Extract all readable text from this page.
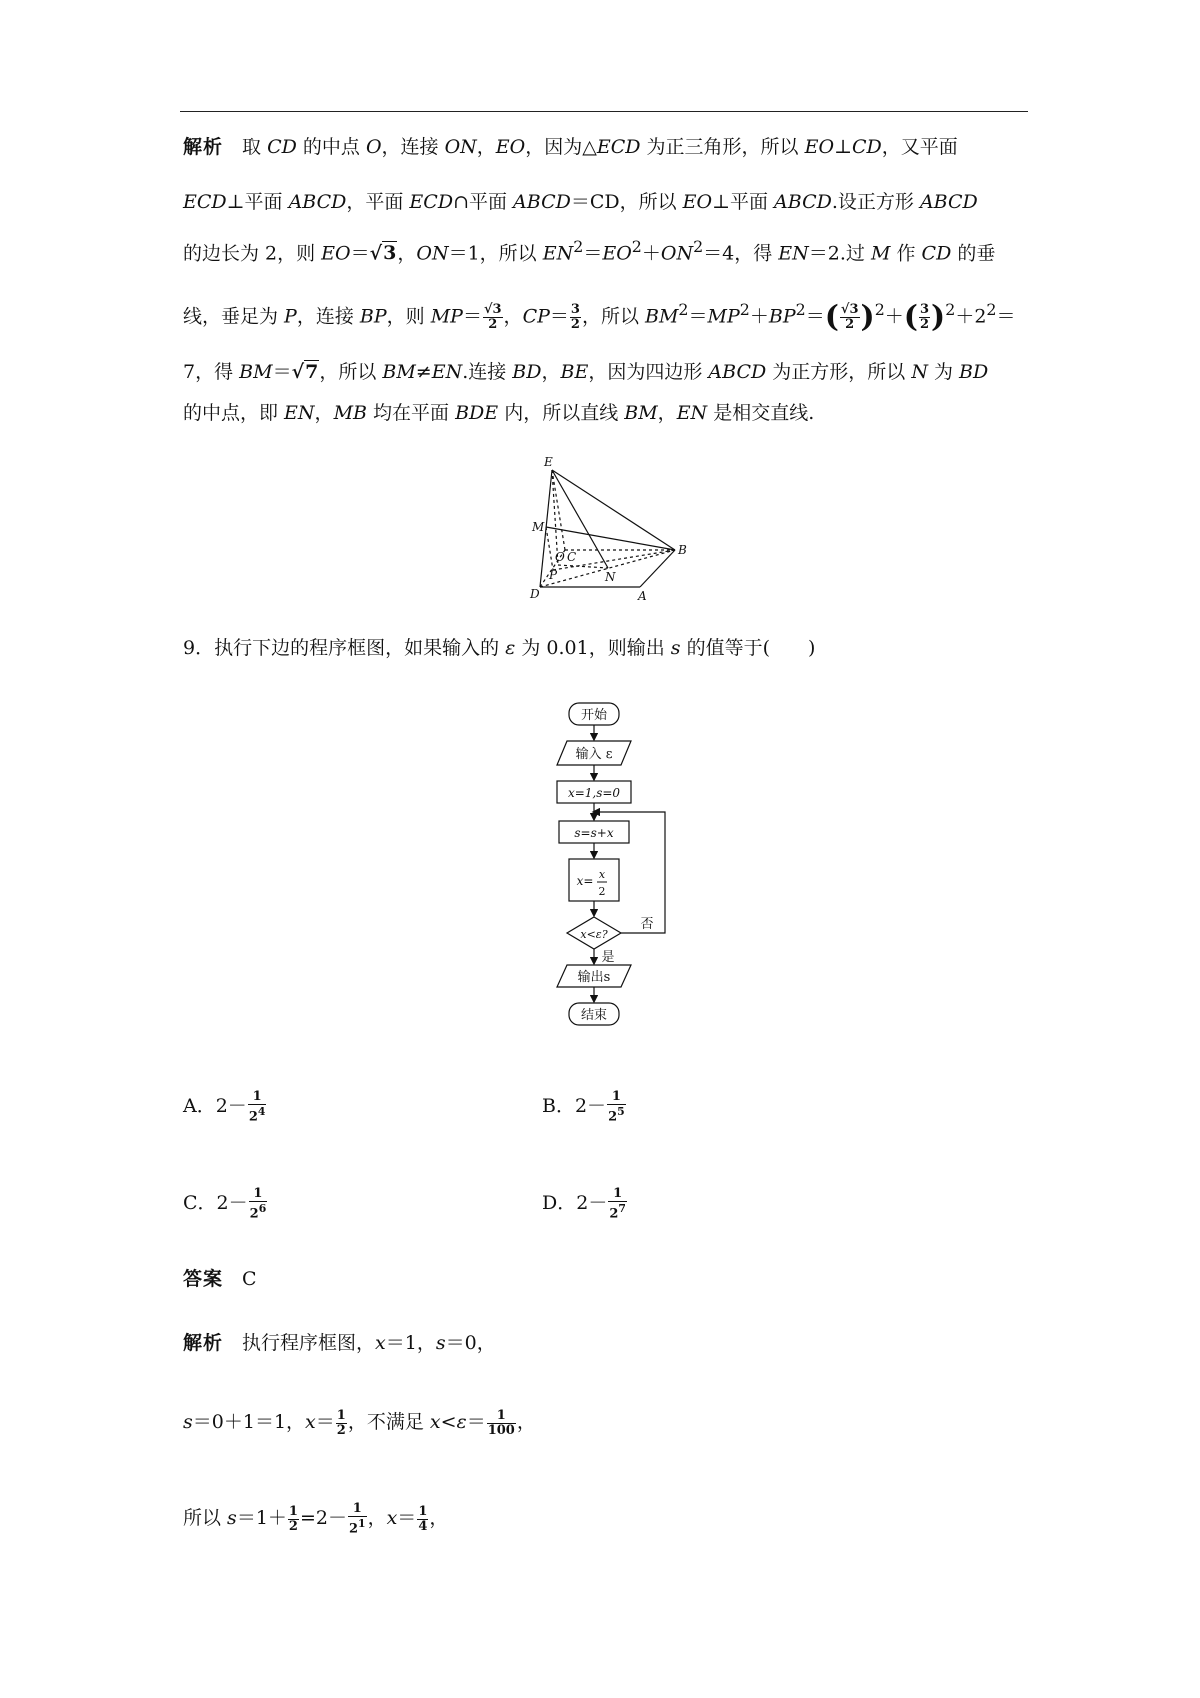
解析　 取 CD 的中点 O，连接 ON，EO，因为△ECD 为正三角形，所以 EO⊥CD，又平面
ECD⊥平面 ABCD，平面 ECD∩平面 ABCD＝CD，所以 EO⊥平面 ABCD.设正方形 ABCD
的边长为 2，则 EO＝√3，ON＝1，所以 $EN^2=EO^2+ON^2=4$，得 EN＝2.过 M 作 CD 的垂
线，垂足为 P，连接 BP，则 $MP= \frac{√3}{2}$ ，$CP= \frac{3}{2}$ ，所以 $BM^2=MP^2+BP^2=( \frac{√3}{2} )^2+( \frac{3}{2} )^2+2^2=$
7，得 BM＝√7，所以 BM≠EN.连接 BD，BE，因为四边形 ABCD 为正方形，所以 N 为 BD
的中点，即 EN，MB 均在平面 BDE 内，所以直线 BM，EN 是相交直线.
E
M
O C	B
P	N
D	A
9．执行下边的程序框图，如果输入的 ε 为 0.01，则输出 s 的值等于(　　)
开始
输入 ε
x=1,s=0
s=s+x
x= x
2
x<ε?
否
是
输出s
结束
A．$2- \frac{1}{2^4}$	B．$2- \frac{1}{2^5}$
C．$2- \frac{1}{2^6}$	D．$2- \frac{1}{2^7}$
答案　 C
解析　 执行程序框图，x＝1，s＝0，
s＝0＋1＝1，$x= \frac{1}{2}$ ，不满足 $x<\varepsilon= \frac{1}{100}$ ，
所以 $s=1+ \frac{1}{2} =2- \frac{1}{2^1}$ ，$x= \frac{1}{4}$ ，
